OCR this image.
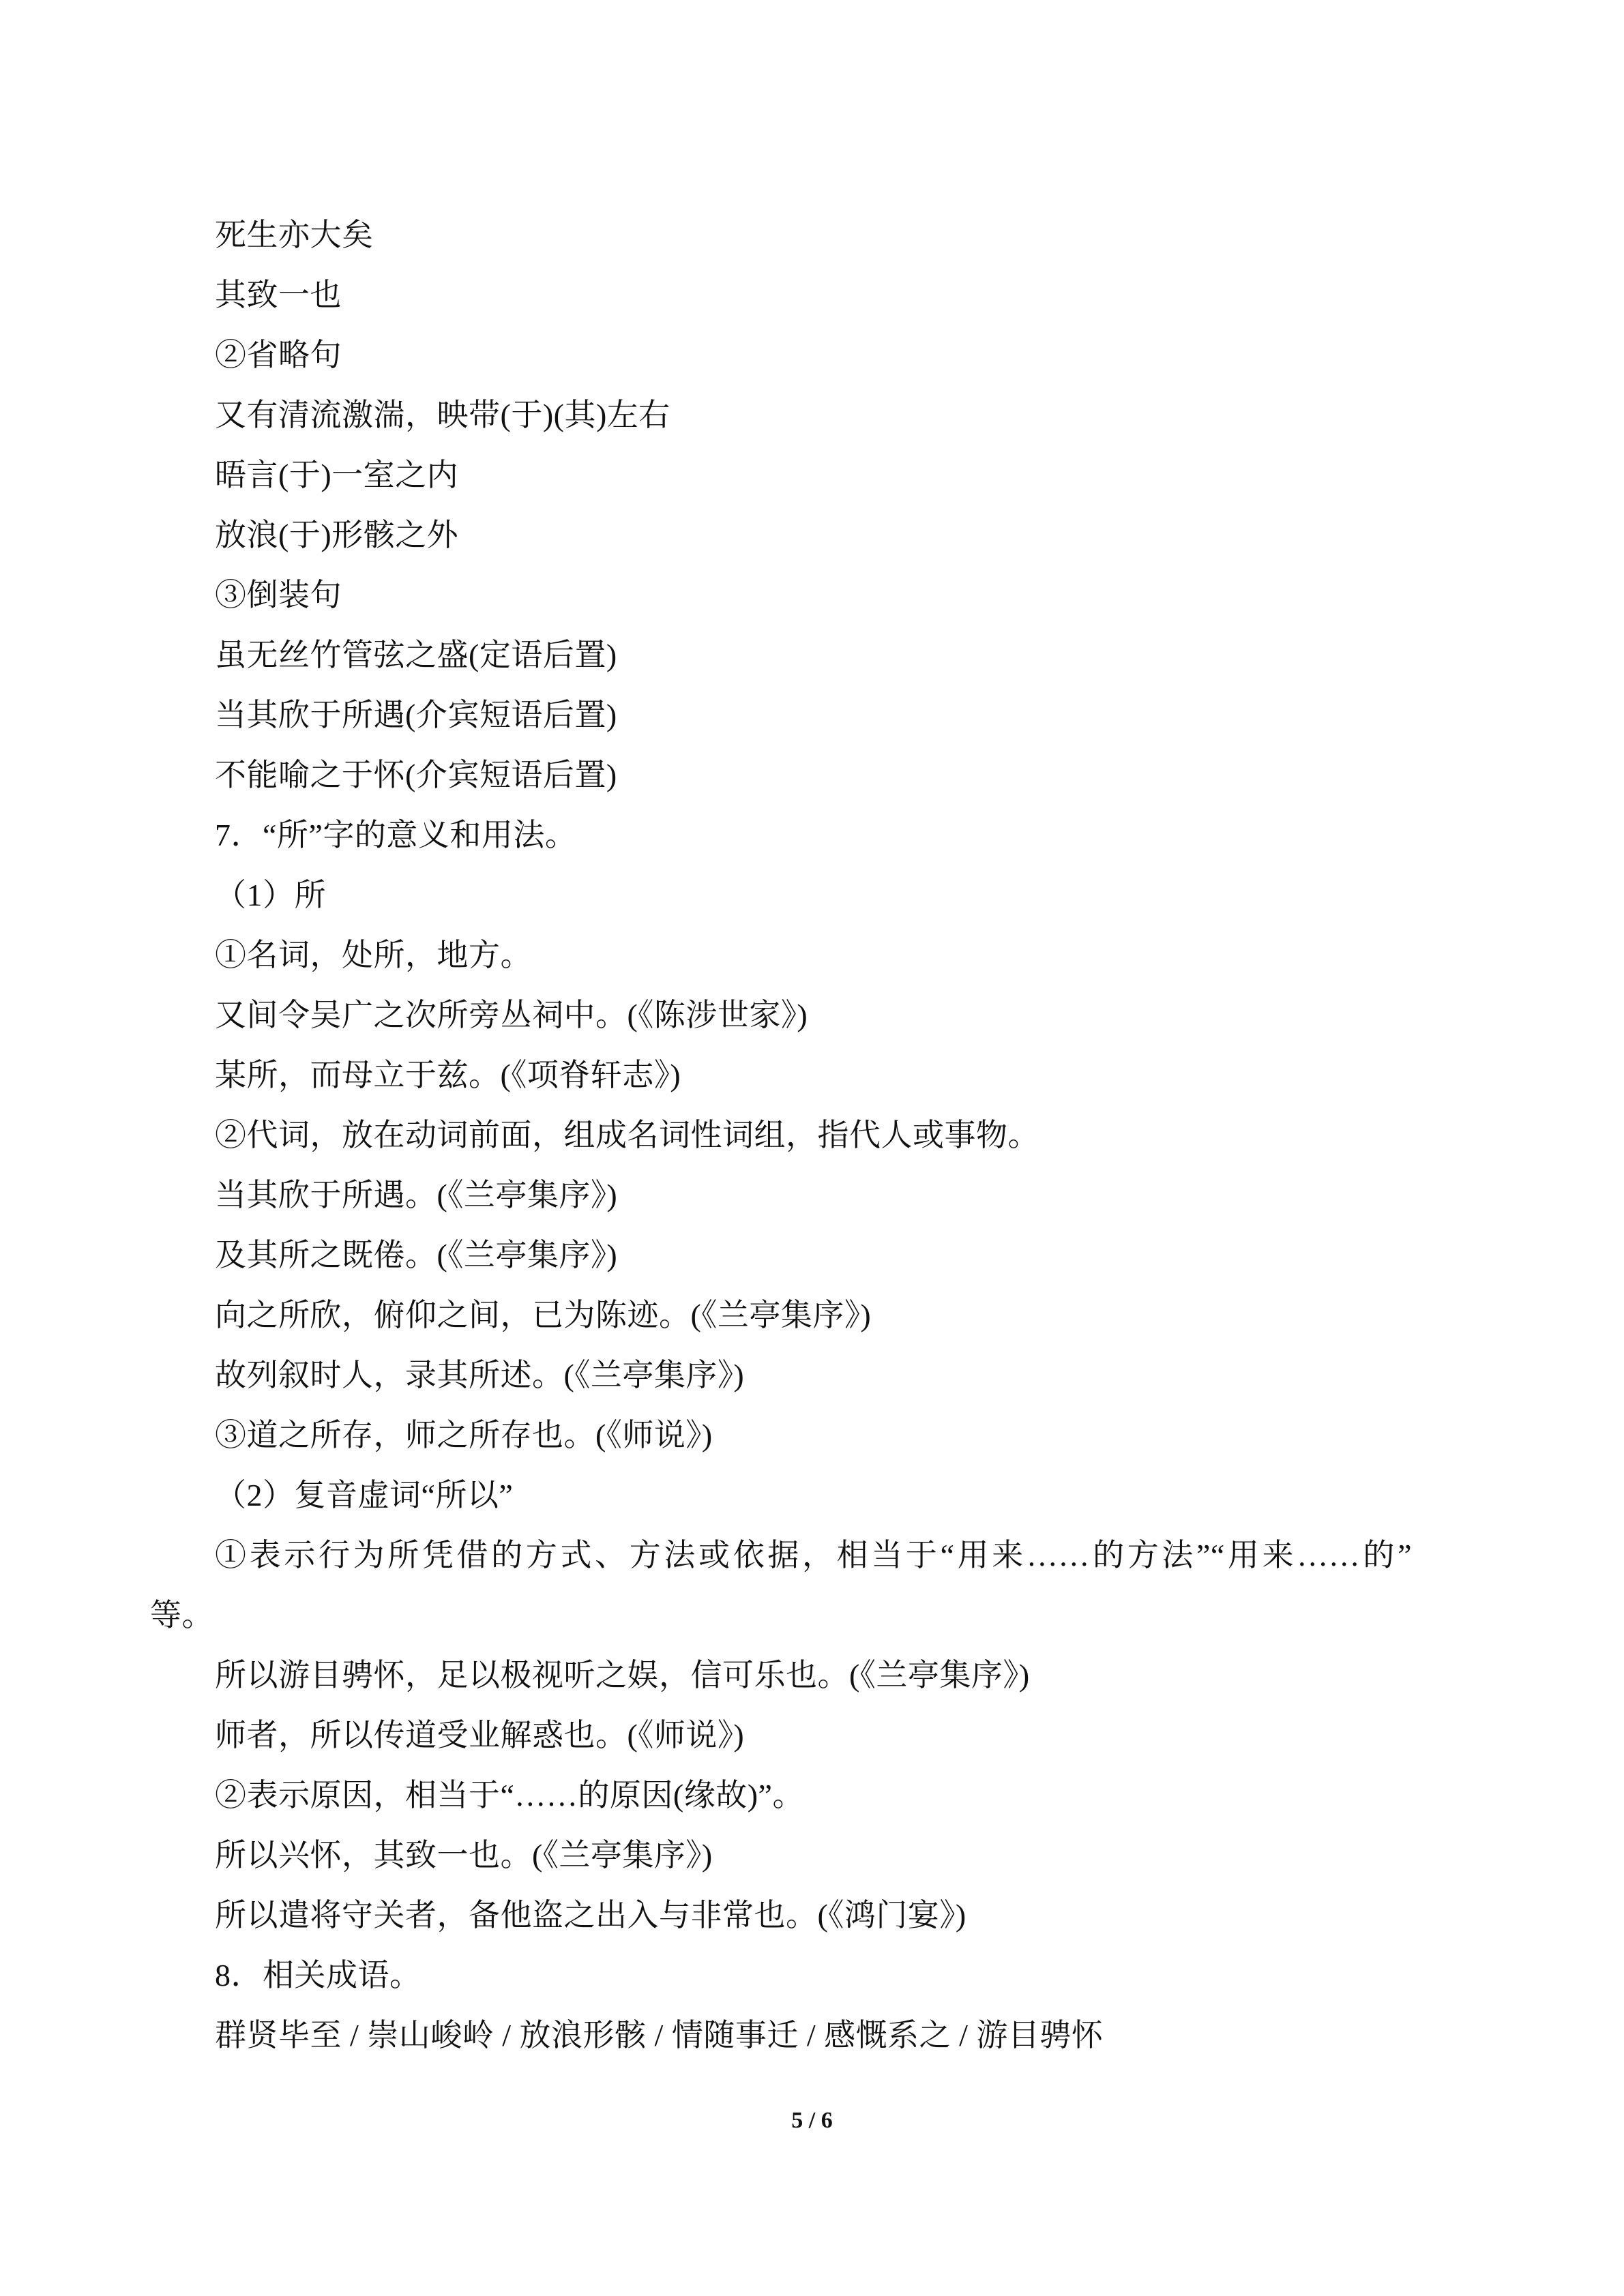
死生亦大矣

其致一也

②省略句

又有清流激湍，映带(于)(其)左右

晤言(于)一室之内

放浪(于)形骸之外

③倒装句

虽无丝竹管弦之盛(定语后置)

当其欣于所遇(介宾短语后置)

不能喻之于怀(介宾短语后置)

7．“所”字的意义和用法。

（1）所

①名词，处所，地方。

又间令吴广之次所旁丛祠中。(《陈涉世家》)

某所，而母立于兹。(《项脊轩志》)

②代词，放在动词前面，组成名词性词组，指代人或事物。

当其欣于所遇。(《兰亭集序》)

及其所之既倦。(《兰亭集序》)

向之所欣，俯仰之间，已为陈迹。(《兰亭集序》)

故列叙时人，录其所述。(《兰亭集序》)

③道之所存，师之所存也。(《师说》)

（2）复音虚词“所以”

①表示行为所凭借的方式、方法或依据，相当于“用来……的方法”“用来……的”

等。

所以游目骋怀，足以极视听之娱，信可乐也。(《兰亭集序》)

师者，所以传道受业解惑也。(《师说》)

②表示原因，相当于“……的原因(缘故)”。

所以兴怀，其致一也。(《兰亭集序》)

所以遣将守关者，备他盗之出入与非常也。(《鸿门宴》)

8．相关成语。

群贤毕至 / 崇山峻岭 / 放浪形骸 / 情随事迁 / 感慨系之 / 游目骋怀

5 / 6
